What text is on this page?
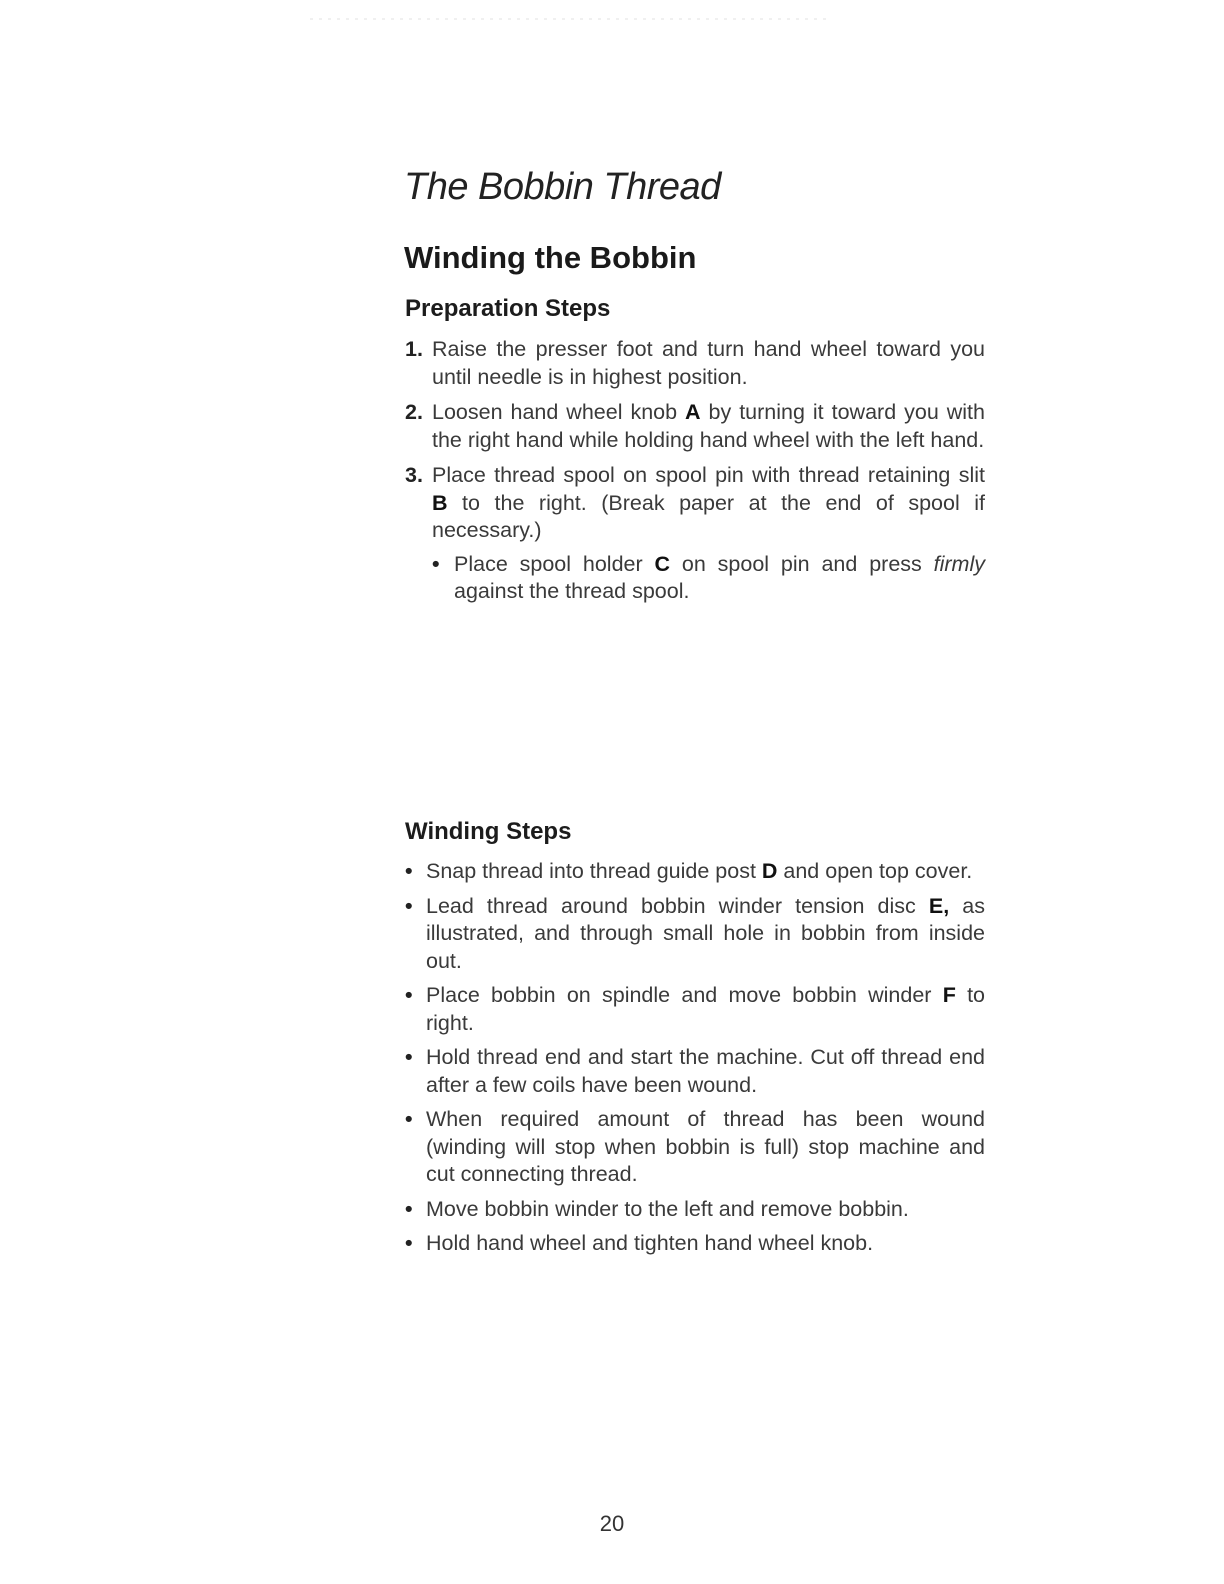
The Bobbin Thread
Winding the Bobbin
Preparation Steps
1. Raise the presser foot and turn hand wheel toward you until needle is in highest position.
2. Loosen hand wheel knob A by turning it toward you with the right hand while holding hand wheel with the left hand.
3. Place thread spool on spool pin with thread retaining slit B to the right. (Break paper at the end of spool if necessary.)
• Place spool holder C on spool pin and press firmly against the thread spool.
Winding Steps
• Snap thread into thread guide post D and open top cover.
• Lead thread around bobbin winder tension disc E, as illustrated, and through small hole in bobbin from inside out.
• Place bobbin on spindle and move bobbin winder F to right.
• Hold thread end and start the machine. Cut off thread end after a few coils have been wound.
• When required amount of thread has been wound (winding will stop when bobbin is full) stop machine and cut connecting thread.
• Move bobbin winder to the left and remove bobbin.
• Hold hand wheel and tighten hand wheel knob.
20
